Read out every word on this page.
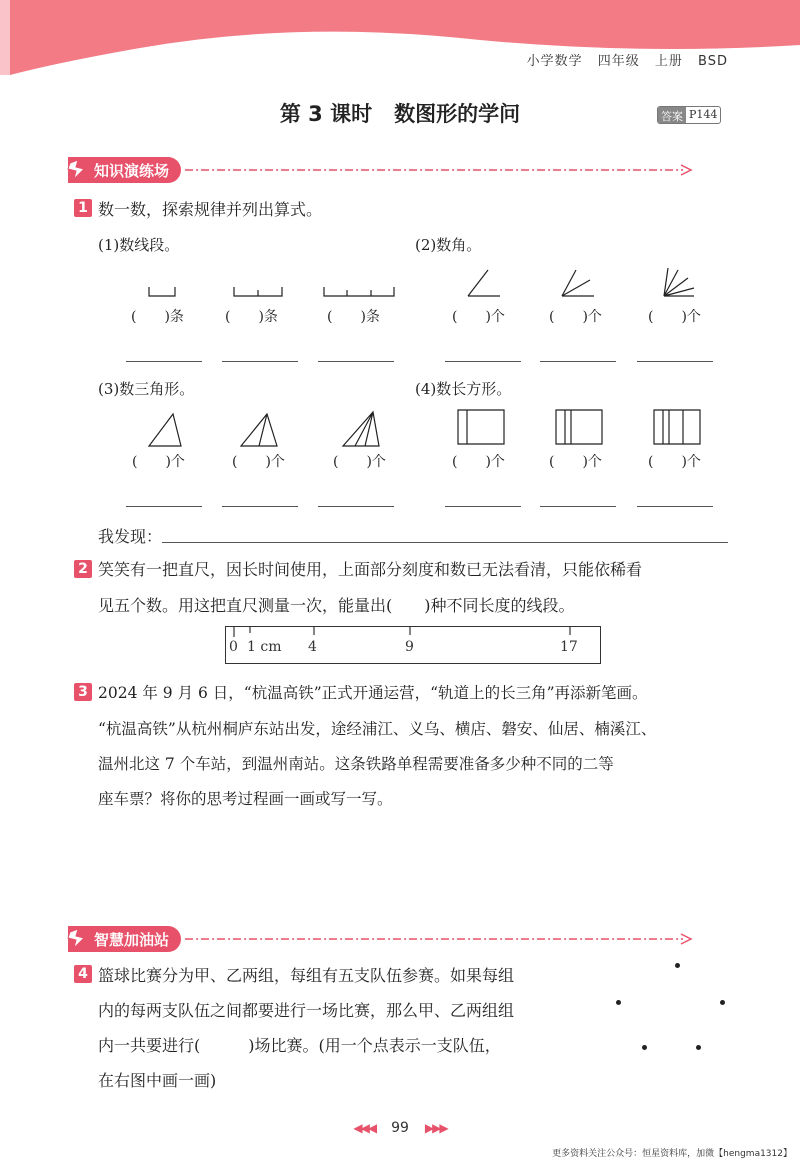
小学数学 四年级 上册 BSD
第 3 课时 数图形的学问	答案 P144
知识演练场
1 数一数，探索规律并列出算式。
(1)数线段。	(2)数角。
(　　)条	(　　)条	(　　)条	(　　)个	(　　)个	(　　)个
(3)数三角形。	(4)数长方形。
(　　)个	(　　)个	(　　)个	(　　)个	(　　)个	(　　)个
我发现：
2 笑笑有一把直尺，因长时间使用，上面部分刻度和数已无法看清，只能依稀看
见五个数。用这把直尺测量一次，能量出(　　)种不同长度的线段。
0 1 cm 4	9	17
3 2024 年 9 月 6 日，“杭温高铁”正式开通运营，“轨道上的长三角”再添新笔画。
“杭温高铁”从杭州桐庐东站出发，途经浦江、义乌、横店、磐安、仙居、楠溪江、
温州北这 7 个车站，到温州南站。这条铁路单程需要准备多少种不同的二等
座车票？将你的思考过程画一画或写一写。
智慧加油站
4 篮球比赛分为甲、乙两组，每组有五支队伍参赛。如果每组
内的每两支队伍之间都要进行一场比赛，那么甲、乙两组组
内一共要进行(　　　)场比赛。(用一个点表示一支队伍，
在右图中画一画)
◀◀◀ 99 ▶▶▶
更多资料关注公众号：恒星资料库，加微【hengma1312】
